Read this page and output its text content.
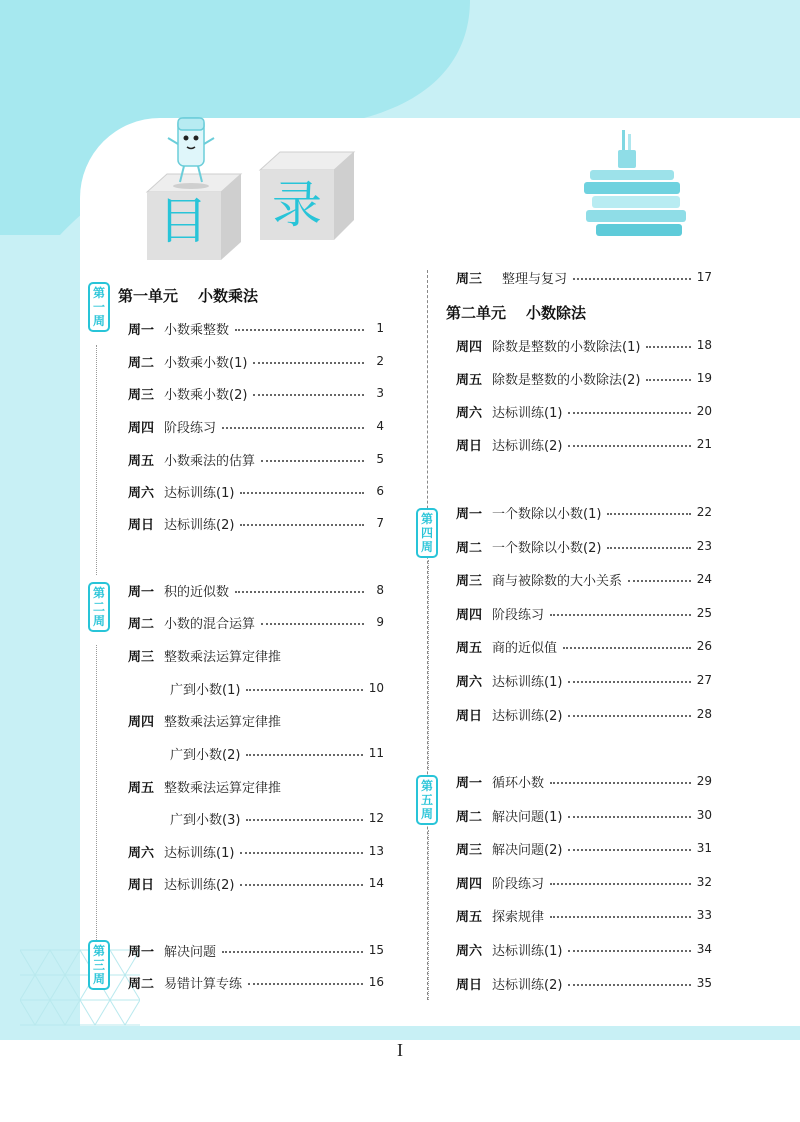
目 录
第
一
周
第
二
周
第
三
周
第
四
周
第
五
周
第一单元 小数乘法
周一 小数乘整数	1
周二 小数乘小数(1)	2
周三 小数乘小数(2)	3
周四 阶段练习	4
周五 小数乘法的估算	5
周六 达标训练(1)	6
周日 达标训练(2)	7
周一 积的近似数	8
周二 小数的混合运算	9
周三 整数乘法运算定律推
广到小数(1)	10
周四 整数乘法运算定律推
广到小数(2)	11
周五 整数乘法运算定律推
广到小数(3)	12
周六 达标训练(1)	13
周日 达标训练(2)	14
周一 解决问题	15
周二 易错计算专练	16
周三 整理与复习	17
第二单元 小数除法
周四 除数是整数的小数除法(1)	18
周五 除数是整数的小数除法(2)	19
周六 达标训练(1)	20
周日 达标训练(2)	21
周一 一个数除以小数(1)	22
周二 一个数除以小数(2)	23
周三 商与被除数的大小关系	24
周四 阶段练习	25
周五 商的近似值	26
周六 达标训练(1)	27
周日 达标训练(2)	28
周一 循环小数	29
周二 解决问题(1)	30
周三 解决问题(2)	31
周四 阶段练习	32
周五 探索规律	33
周六 达标训练(1)	34
周日 达标训练(2)	35
I
